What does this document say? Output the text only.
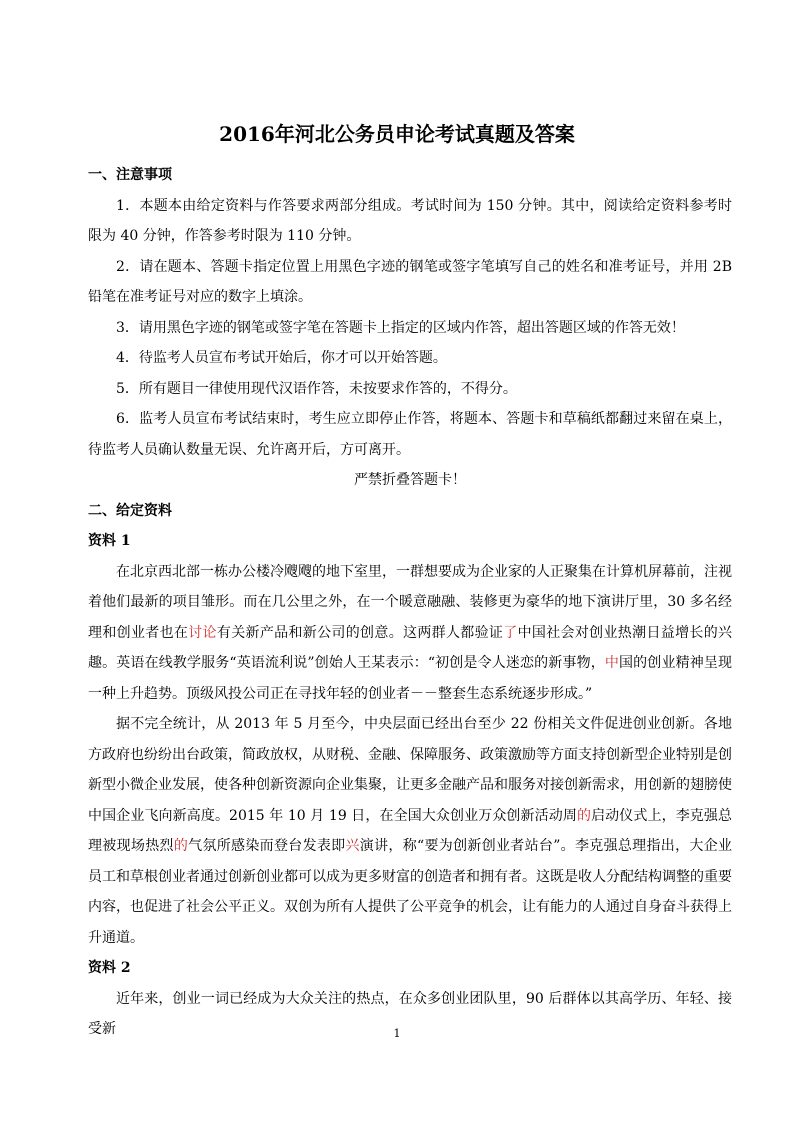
2016年河北公务员申论考试真题及答案

一、注意事项

1．本题本由给定资料与作答要求两部分组成。考试时间为 150 分钟。其中，阅读给定资料参考时限为 40 分钟，作答参考时限为 110 分钟。

2．请在题本、答题卡指定位置上用黑色字迹的钢笔或签字笔填写自己的姓名和准考证号，并用 2B 铅笔在准考证号对应的数字上填涂。

3．请用黑色字迹的钢笔或签字笔在答题卡上指定的区域内作答，超出答题区域的作答无效！

4．待监考人员宣布考试开始后，你才可以开始答题。

5．所有题目一律使用现代汉语作答，未按要求作答的，不得分。

6．监考人员宣布考试结束时，考生应立即停止作答，将题本、答题卡和草稿纸都翻过来留在桌上，待监考人员确认数量无误、允许离开后，方可离开。

严禁折叠答题卡！

二、给定资料

资料 1

在北京西北部一栋办公楼冷飕飕的地下室里，一群想要成为企业家的人正聚集在计算机屏幕前，注视着他们最新的项目雏形。而在几公里之外，在一个暖意融融、装修更为豪华的地下演讲厅里，30 多名经理和创业者也在讨论有关新产品和新公司的创意。这两群人都验证了中国社会对创业热潮日益增长的兴趣。英语在线教学服务“英语流利说”创始人王某表示：“初创是令人迷恋的新事物，中国的创业精神呈现一种上升趋势。顶级风投公司正在寻找年轻的创业者－－整套生态系统逐步形成。”

据不完全统计，从 2013 年 5 月至今，中央层面已经出台至少 22 份相关文件促进创业创新。各地方政府也纷纷出台政策，简政放权，从财税、金融、保障服务、政策激励等方面支持创新型企业特别是创新型小微企业发展，使各种创新资源向企业集聚，让更多金融产品和服务对接创新需求，用创新的翅膀使中国企业飞向新高度。2015 年 10 月 19 日，在全国大众创业万众创新活动周的启动仪式上，李克强总理被现场热烈的气氛所感染而登台发表即兴演讲，称“要为创新创业者站台”。李克强总理指出，大企业员工和草根创业者通过创新创业都可以成为更多财富的创造者和拥有者。这既是收人分配结构调整的重要内容，也促进了社会公平正义。双创为所有人提供了公平竞争的机会，让有能力的人通过自身奋斗获得上升通道。

资料 2

近年来，创业一词已经成为大众关注的热点，在众多创业团队里，90 后群体以其高学历、年轻、接受新	1
